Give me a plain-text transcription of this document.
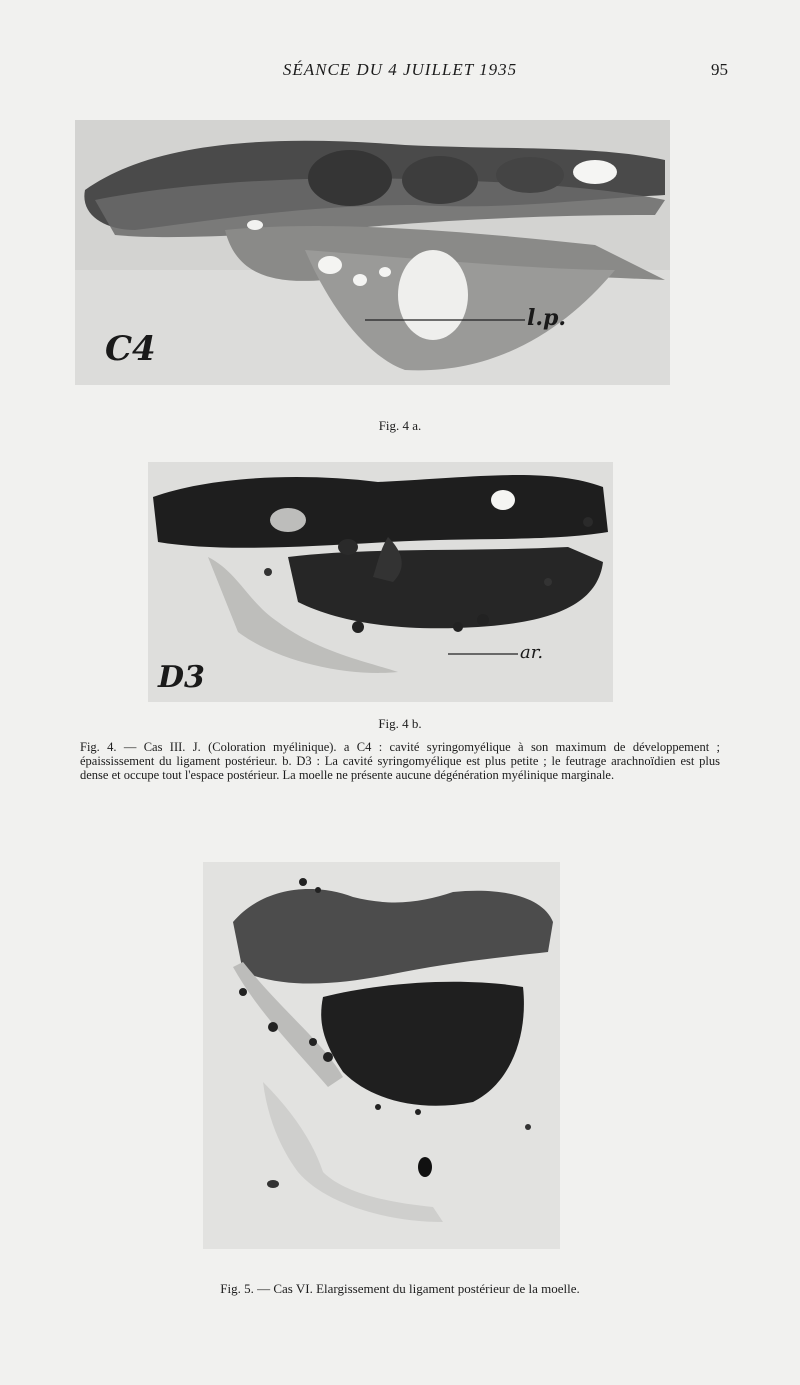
SÉANCE DU 4 JUILLET 1935	95
l.p.
C4
Fig. 4 a.
ar.
D3
Fig. 4 b.
Fig. 4. — Cas III. J. (Coloration myélinique). a C4 : cavité syringomyélique à son maximum de développement ; épaississement du ligament postérieur. b. D3 : La cavité syringomyélique est plus petite ; le feutrage arachnoïdien est plus dense et occupe tout l'espace postérieur. La moelle ne présente aucune dégénération myélinique marginale.
Fig. 5. — Cas VI. Elargissement du ligament postérieur de la moelle.
